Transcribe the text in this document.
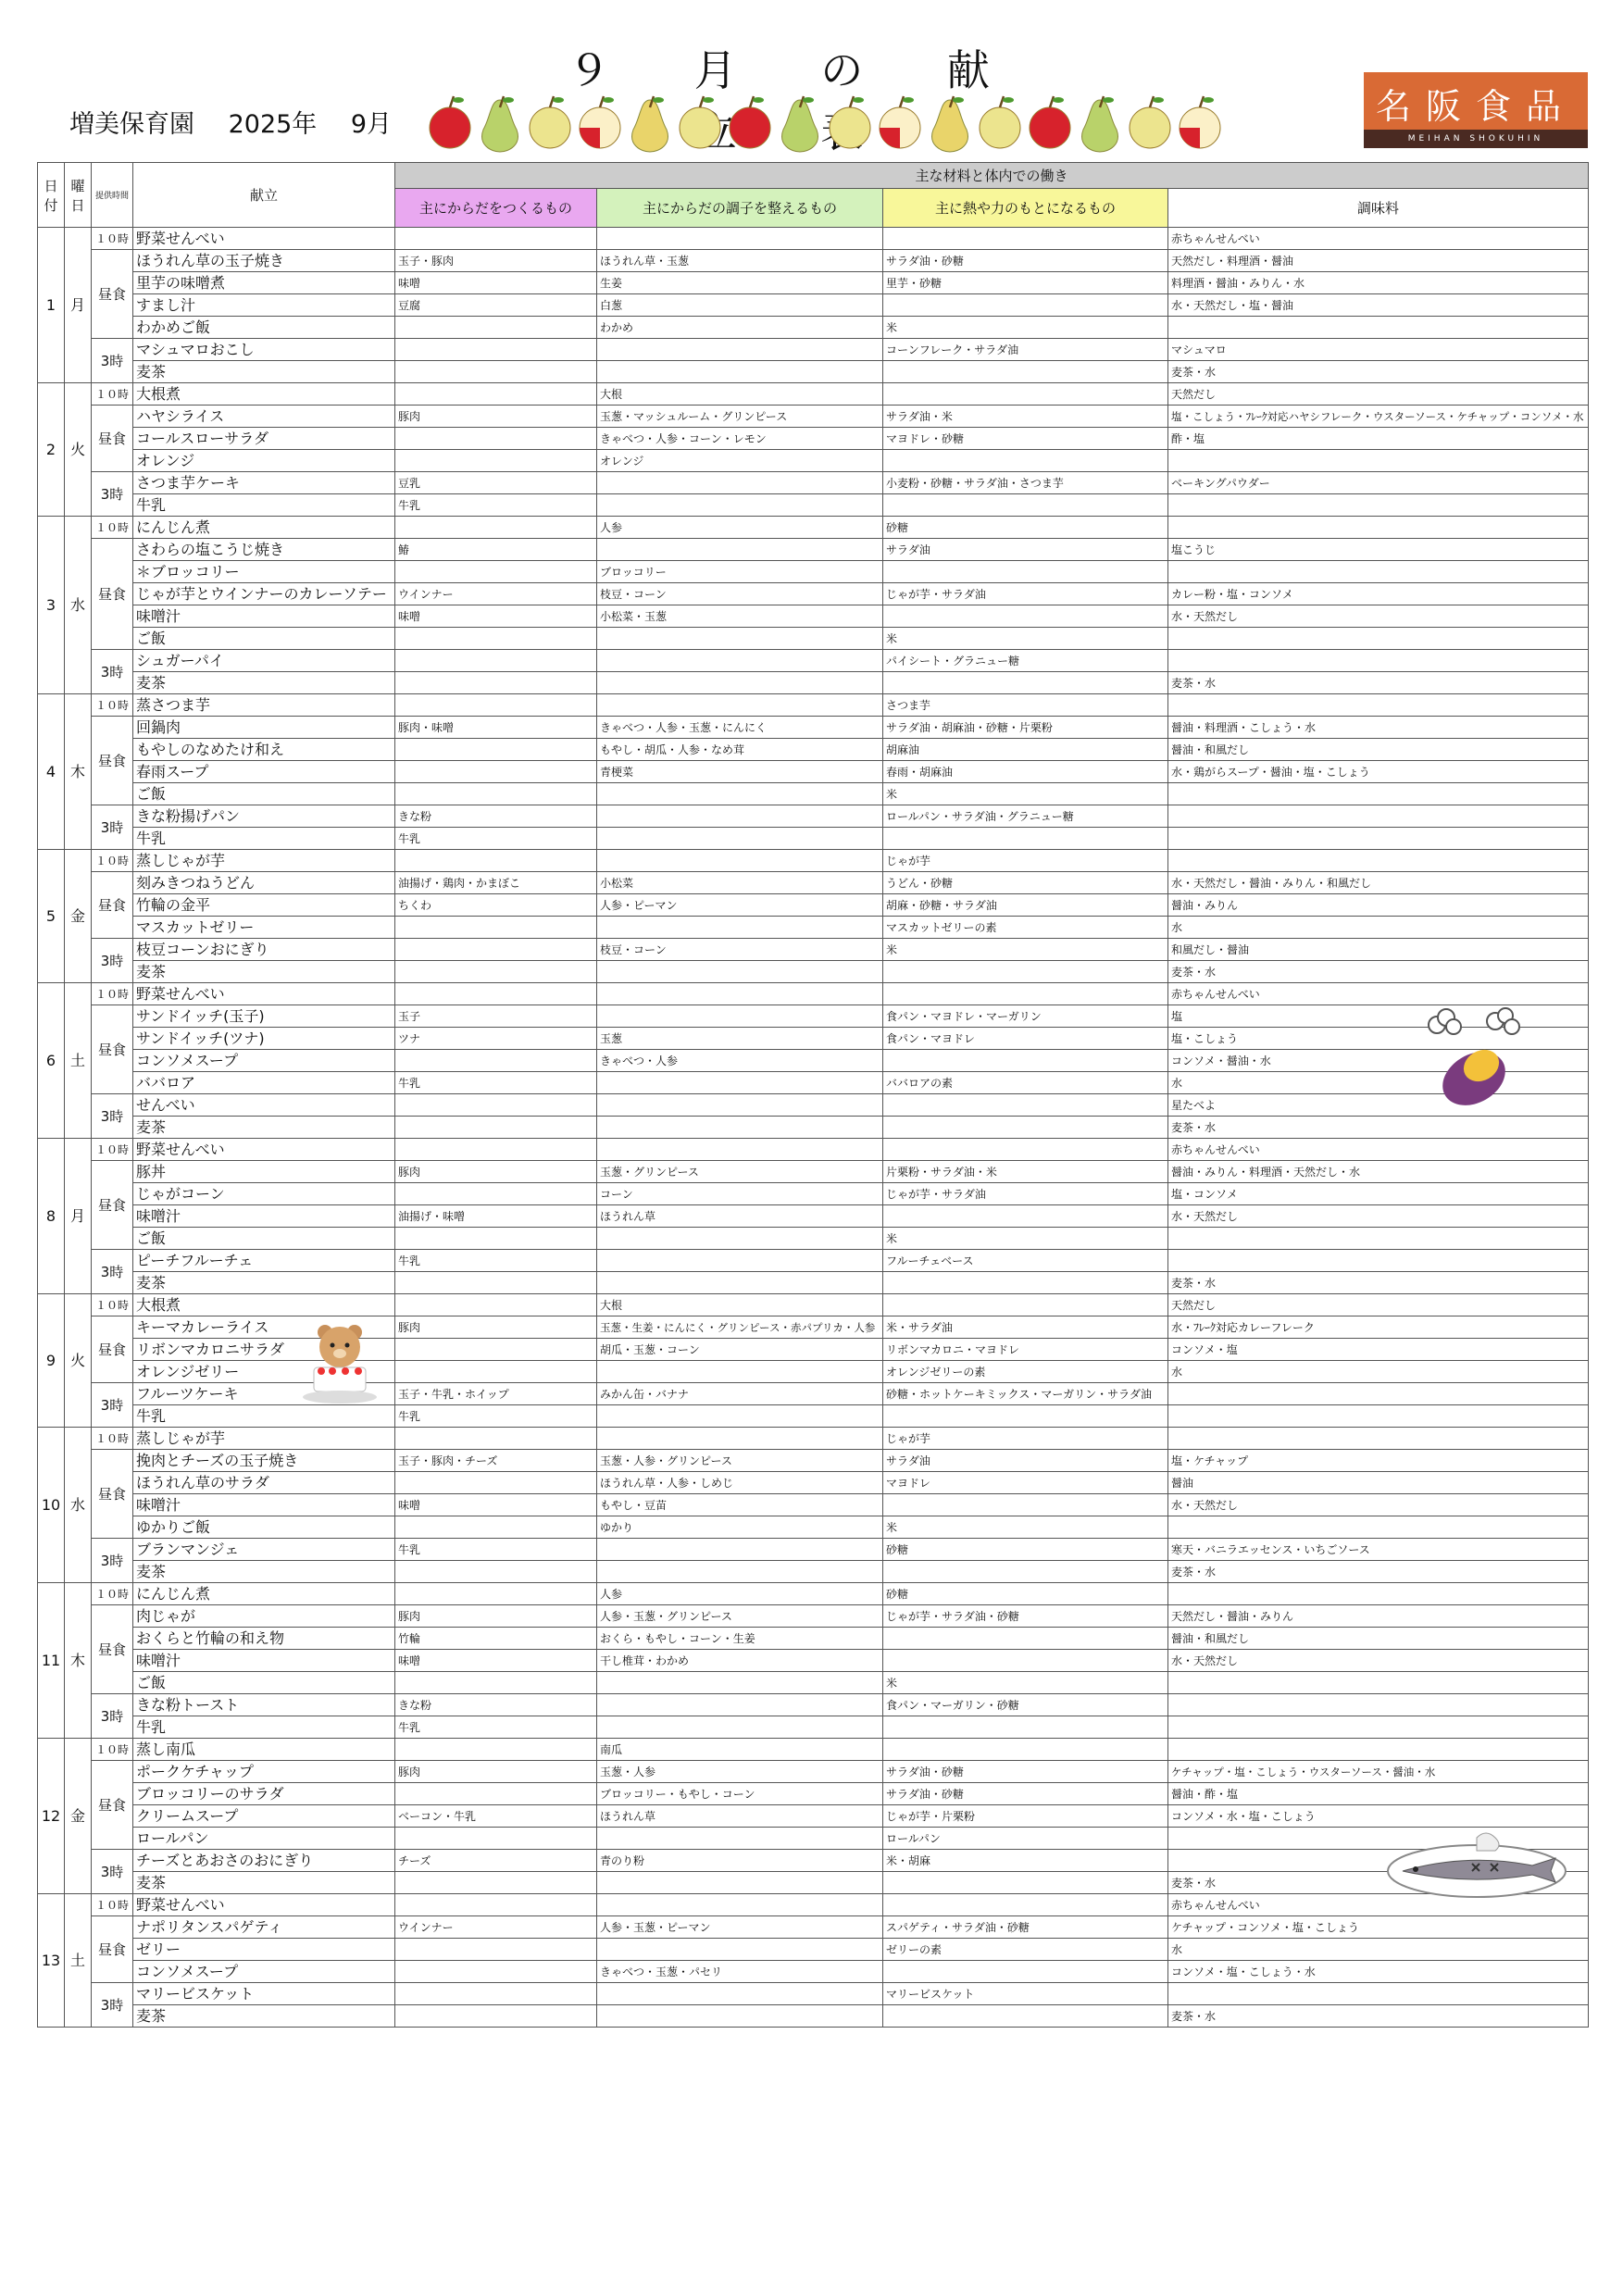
９ 月 の 献
増美保育園 2025年 9月	名阪食品
MEIHAN SHOKUHIN
日付	曜日	提供時間	献立	主な材料と体内での働き			
				主にからだをつくるもの	主にからだの調子を整えるもの	主に熱や力のもとになるもの	調味料
1	月	１０時	野菜せんべい				赤ちゃんせんべい
		昼食	ほうれん草の玉子焼き	玉子・豚肉	ほうれん草・玉葱	サラダ油・砂糖	天然だし・料理酒・醤油
			里芋の味噌煮	味噌	生姜	里芋・砂糖	料理酒・醤油・みりん・水
			すまし汁	豆腐	白葱		水・天然だし・塩・醤油
			わかめご飯		わかめ	米	
		3時	マシュマロおこし			コーンフレーク・サラダ油	マシュマロ
			麦茶				麦茶・水
2	火	１０時	大根煮		大根		天然だし
		昼食	ハヤシライス	豚肉	玉葱・マッシュルーム・グリンピース	サラダ油・米	塩・こしょう・ﾌﾚｰｸ対応ハヤシフレーク・ウスターソース・ケチャップ・コンソメ・水
			コールスローサラダ		きゃべつ・人参・コーン・レモン	マヨドレ・砂糖	酢・塩
			オレンジ		オレンジ		
		3時	さつま芋ケーキ	豆乳		小麦粉・砂糖・サラダ油・さつま芋	ベーキングパウダー
			牛乳	牛乳			
3	水	１０時	にんじん煮		人参	砂糖	
		昼食	さわらの塩こうじ焼き	鰆		サラダ油	塩こうじ
			＊ブロッコリー		ブロッコリー		
			じゃが芋とウインナーのカレーソテー	ウインナー	枝豆・コーン	じゃが芋・サラダ油	カレー粉・塩・コンソメ
			味噌汁	味噌	小松菜・玉葱		水・天然だし
			ご飯			米	
		3時	シュガーパイ			パイシート・グラニュー糖	
			麦茶				麦茶・水
4	木	１０時	蒸さつま芋			さつま芋	
		昼食	回鍋肉	豚肉・味噌	きゃべつ・人参・玉葱・にんにく	サラダ油・胡麻油・砂糖・片栗粉	醤油・料理酒・こしょう・水
			もやしのなめたけ和え		もやし・胡瓜・人参・なめ茸	胡麻油	醤油・和風だし
			春雨スープ		青梗菜	春雨・胡麻油	水・鶏がらスープ・醤油・塩・こしょう
			ご飯			米	
		3時	きな粉揚げパン	きな粉		ロールパン・サラダ油・グラニュー糖	
			牛乳	牛乳			
5	金	１０時	蒸しじゃが芋			じゃが芋	
		昼食	刻みきつねうどん	油揚げ・鶏肉・かまぼこ	小松菜	うどん・砂糖	水・天然だし・醤油・みりん・和風だし
			竹輪の金平	ちくわ	人参・ピーマン	胡麻・砂糖・サラダ油	醤油・みりん
			マスカットゼリー			マスカットゼリーの素	水
		3時	枝豆コーンおにぎり		枝豆・コーン	米	和風だし・醤油
			麦茶				麦茶・水
6	土	１０時	野菜せんべい				赤ちゃんせんべい
		昼食	サンドイッチ(玉子)	玉子		食パン・マヨドレ・マーガリン	塩
			サンドイッチ(ツナ)	ツナ	玉葱	食パン・マヨドレ	塩・こしょう
			コンソメスープ		きゃべつ・人参		コンソメ・醤油・水
			ババロア	牛乳		ババロアの素	水
		3時	せんべい				星たべよ
			麦茶				麦茶・水
8	月	１０時	野菜せんべい				赤ちゃんせんべい
		昼食	豚丼	豚肉	玉葱・グリンピース	片栗粉・サラダ油・米	醤油・みりん・料理酒・天然だし・水
			じゃがコーン		コーン	じゃが芋・サラダ油	塩・コンソメ
			味噌汁	油揚げ・味噌	ほうれん草		水・天然だし
			ご飯			米	
		3時	ピーチフルーチェ	牛乳		フルーチェベース	
			麦茶				麦茶・水
9	火	１０時	大根煮		大根		天然だし
		昼食	キーマカレーライス	豚肉	玉葱・生姜・にんにく・グリンピース・赤パプリカ・人参	米・サラダ油	水・ﾌﾚｰｸ対応カレーフレーク
			リボンマカロニサラダ		胡瓜・玉葱・コーン	リボンマカロニ・マヨドレ	コンソメ・塩
			オレンジゼリー			オレンジゼリーの素	水
		3時	フルーツケーキ	玉子・牛乳・ホイップ	みかん缶・バナナ	砂糖・ホットケーキミックス・マーガリン・サラダ油	
			牛乳	牛乳			
10	水	１０時	蒸しじゃが芋			じゃが芋	
		昼食	挽肉とチーズの玉子焼き	玉子・豚肉・チーズ	玉葱・人参・グリンピース	サラダ油	塩・ケチャップ
			ほうれん草のサラダ		ほうれん草・人参・しめじ	マヨドレ	醤油
			味噌汁	味噌	もやし・豆苗		水・天然だし
			ゆかりご飯		ゆかり	米	
		3時	ブランマンジェ	牛乳		砂糖	寒天・バニラエッセンス・いちごソース
			麦茶				麦茶・水
11	木	１０時	にんじん煮		人参	砂糖	
		昼食	肉じゃが	豚肉	人参・玉葱・グリンピース	じゃが芋・サラダ油・砂糖	天然だし・醤油・みりん
			おくらと竹輪の和え物	竹輪	おくら・もやし・コーン・生姜		醤油・和風だし
			味噌汁	味噌	干し椎茸・わかめ		水・天然だし
			ご飯			米	
		3時	きな粉トースト	きな粉		食パン・マーガリン・砂糖	
			牛乳	牛乳			
12	金	１０時	蒸し南瓜		南瓜		
		昼食	ポークケチャップ	豚肉	玉葱・人参	サラダ油・砂糖	ケチャップ・塩・こしょう・ウスターソース・醤油・水
			ブロッコリーのサラダ		ブロッコリー・もやし・コーン	サラダ油・砂糖	醤油・酢・塩
			クリームスープ	ベーコン・牛乳	ほうれん草	じゃが芋・片栗粉	コンソメ・水・塩・こしょう
			ロールパン			ロールパン	
		3時	チーズとあおさのおにぎり	チーズ	青のり粉	米・胡麻	
			麦茶				麦茶・水
13	土	１０時	野菜せんべい				赤ちゃんせんべい
		昼食	ナポリタンスパゲティ	ウインナー	人参・玉葱・ピーマン	スパゲティ・サラダ油・砂糖	ケチャップ・コンソメ・塩・こしょう
			ゼリー			ゼリーの素	水
			コンソメスープ		きゃべつ・玉葱・パセリ		コンソメ・塩・こしょう・水
		3時	マリービスケット			マリービスケット	
			麦茶				麦茶・水
